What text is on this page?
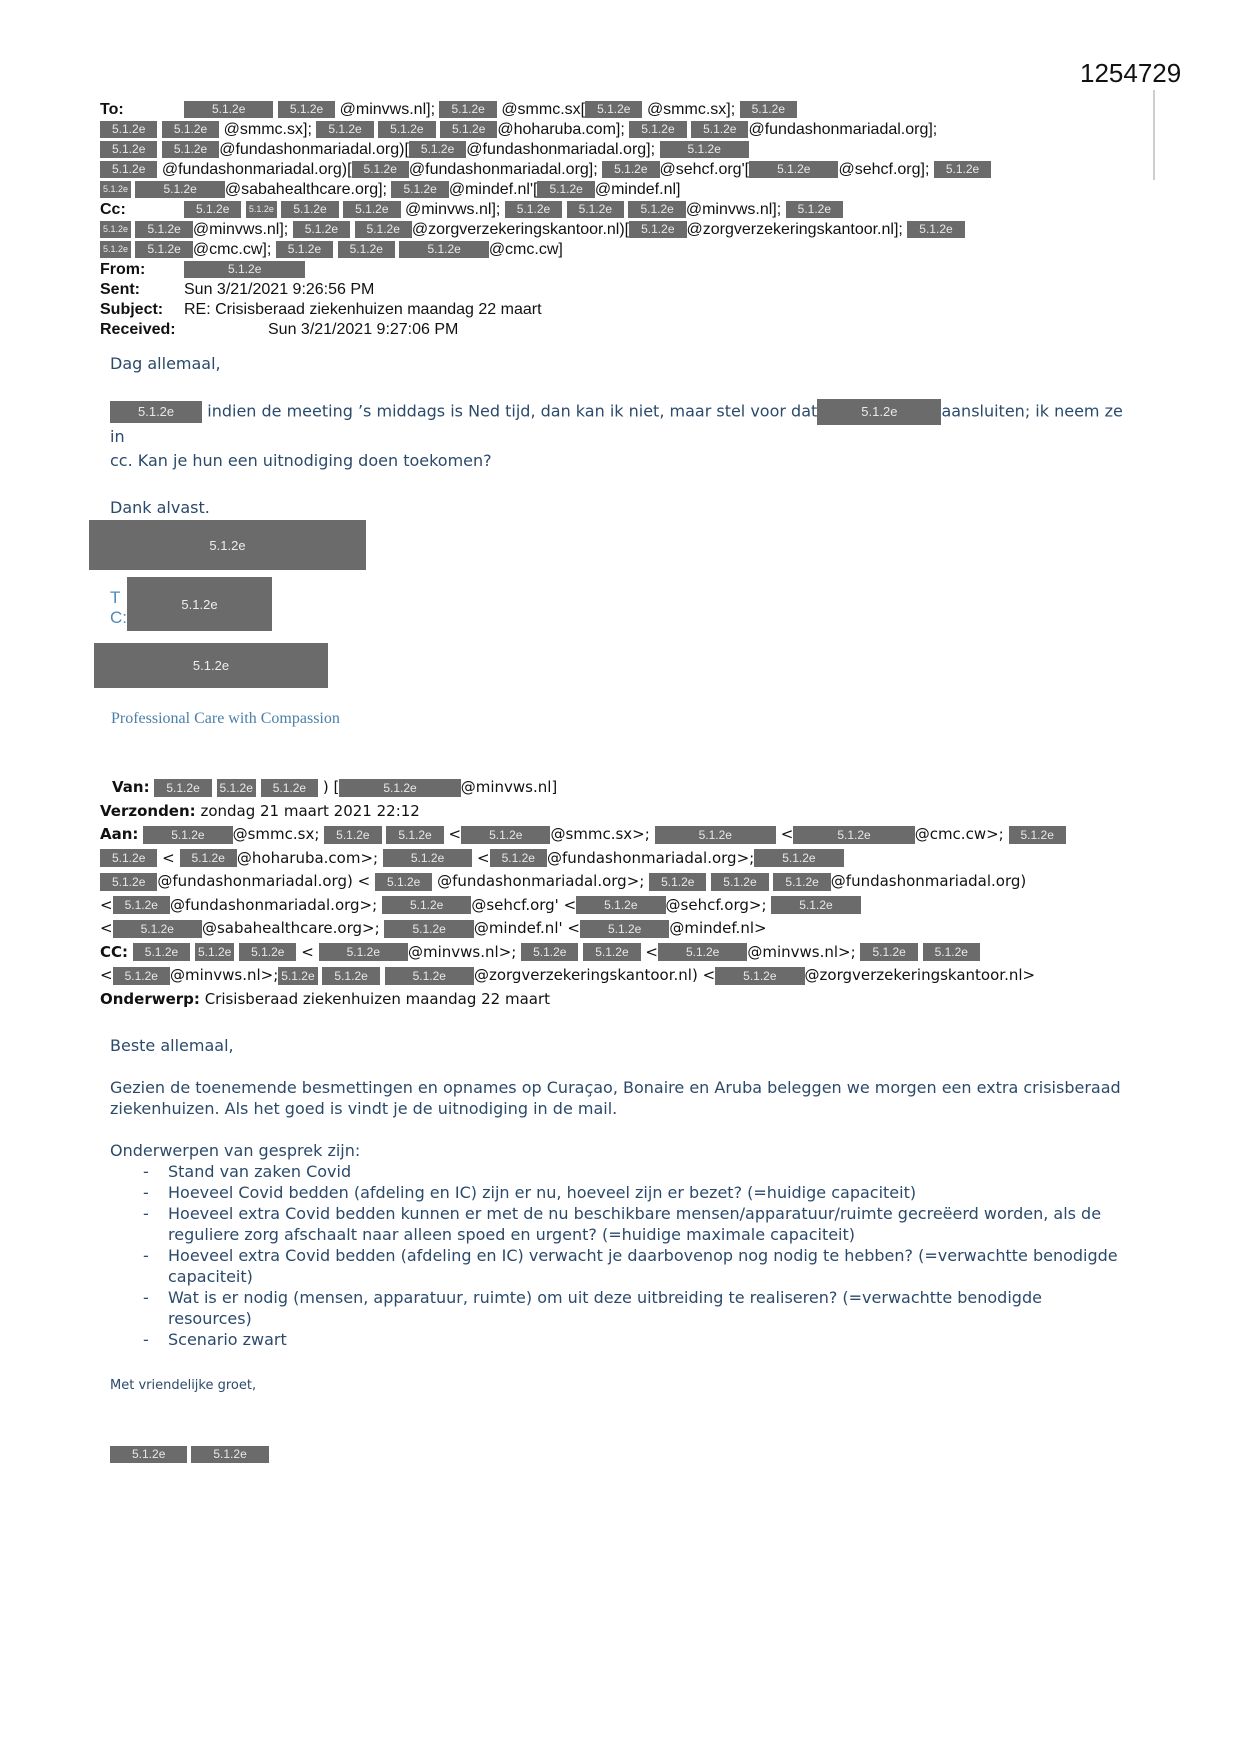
1254729
To:	5.1.2e	5.1.2e @minvws.nl]; 5.1.2e @smmc.sx[ 5.1.2e @smmc.sx]; 5.1.2e
5.1.2e 5.1.2e @smmc.sx]; 5.1.2e 5.1.2e 5.1.2e @hoharuba.com]; 5.1.2e 5.1.2e @fundashonmariadal.org];
5.1.2e 5.1.2e @fundashonmariadal.org)[ 5.1.2e @fundashonmariadal.org];	5.1.2e
5.1.2e @fundashonmariadal.org)[ 5.1.2e @fundashonmariadal.org]; 5.1.2e @sehcf.org'[ 5.1.2e @sehcf.org]; 5.1.2e
5.1.2e	5.1.2e @sabahealthcare.org]; 5.1.2e @mindef.nl'[ 5.1.2e @mindef.nl]
Cc:	5.1.2e 5.1.2e 5.1.2e 5.1.2e @minvws.nl]; 5.1.2e 5.1.2e 5.1.2e @minvws.nl]; 5.1.2e
5.1.2e 5.1.2e @minvws.nl]; 5.1.2e 5.1.2e @zorgverzekeringskantoor.nl)[ 5.1.2e @zorgverzekeringskantoor.nl]; 5.1.2e
5.1.2e 5.1.2e @cmc.cw]; 5.1.2e 5.1.2e	5.1.2e @cmc.cw]
From:	5.1.2e
Sent:	Sun 3/21/2021 9:26:56 PM
Subject: RE: Crisisberaad ziekenhuizen maandag 22 maart
Received:	Sun 3/21/2021 9:27:06 PM

Dag allemaal,

5.1.2e indien de meeting ’s middags is Ned tijd, dan kan ik niet, maar stel voor dat	5.1.2e	aansluiten; ik neem ze in
cc. Kan je hun een uitnodiging doen toekomen?

Dank alvast.

5.1.2e
T
C:
5.1.2e
5.1.2e
Professional Care with Compassion
Van: 5.1.2e 5.1.2e 5.1.2e ) [	5.1.2e	@minvws.nl]
Verzonden: zondag 21 maart 2021 22:12
Aan:	5.1.2e @smmc.sx; 5.1.2e 5.1.2e < 5.1.2e @smmc.sx>;	5.1.2e	<	5.1.2e	@cmc.cw>; 5.1.2e
5.1.2e < 5.1.2e @hoharuba.com>;	5.1.2e < 5.1.2e @fundashonmariadal.org>; 5.1.2e
5.1.2e @fundashonmariadal.org) < 5.1.2e @fundashonmariadal.org>; 5.1.2e 5.1.2e 5.1.2e @fundashonmariadal.org)
< 5.1.2e @fundashonmariadal.org>;	5.1.2e @sehcf.org' < 5.1.2e @sehcf.org>;	5.1.2e
< 5.1.2e @sabahealthcare.org>;	5.1.2e @mindef.nl' < 5.1.2e @mindef.nl>
CC: 5.1.2e 5.1.2e 5.1.2e <	5.1.2e @minvws.nl>; 5.1.2e 5.1.2e < 5.1.2e @minvws.nl>; 5.1.2e 5.1.2e
< 5.1.2e @minvws.nl>; 5.1.2e 5.1.2e	5.1.2e @zorgverzekeringskantoor.nl) < 5.1.2e @zorgverzekeringskantoor.nl>
Onderwerp: Crisisberaad ziekenhuizen maandag 22 maart

Beste allemaal,

Gezien de toenemende besmettingen en opnames op Curaçao, Bonaire en Aruba beleggen we morgen een extra crisisberaad ziekenhuizen. Als het goed is vindt je de uitnodiging in de mail.

Onderwerpen van gesprek zijn:
- Stand van zaken Covid
- Hoeveel Covid bedden (afdeling en IC) zijn er nu, hoeveel zijn er bezet? (=huidige capaciteit)
- Hoeveel extra Covid bedden kunnen er met de nu beschikbare mensen/apparatuur/ruimte gecreëerd worden, als de reguliere zorg afschaalt naar alleen spoed en urgent? (=huidige maximale capaciteit)
- Hoeveel extra Covid bedden (afdeling en IC) verwacht je daarbovenop nog nodig te hebben? (=verwachtte benodigde capaciteit)
- Wat is er nodig (mensen, apparatuur, ruimte) om uit deze uitbreiding te realiseren? (=verwachtte benodigde resources)
- Scenario zwart
Met vriendelijke groet,
5.1.2e	5.1.2e
